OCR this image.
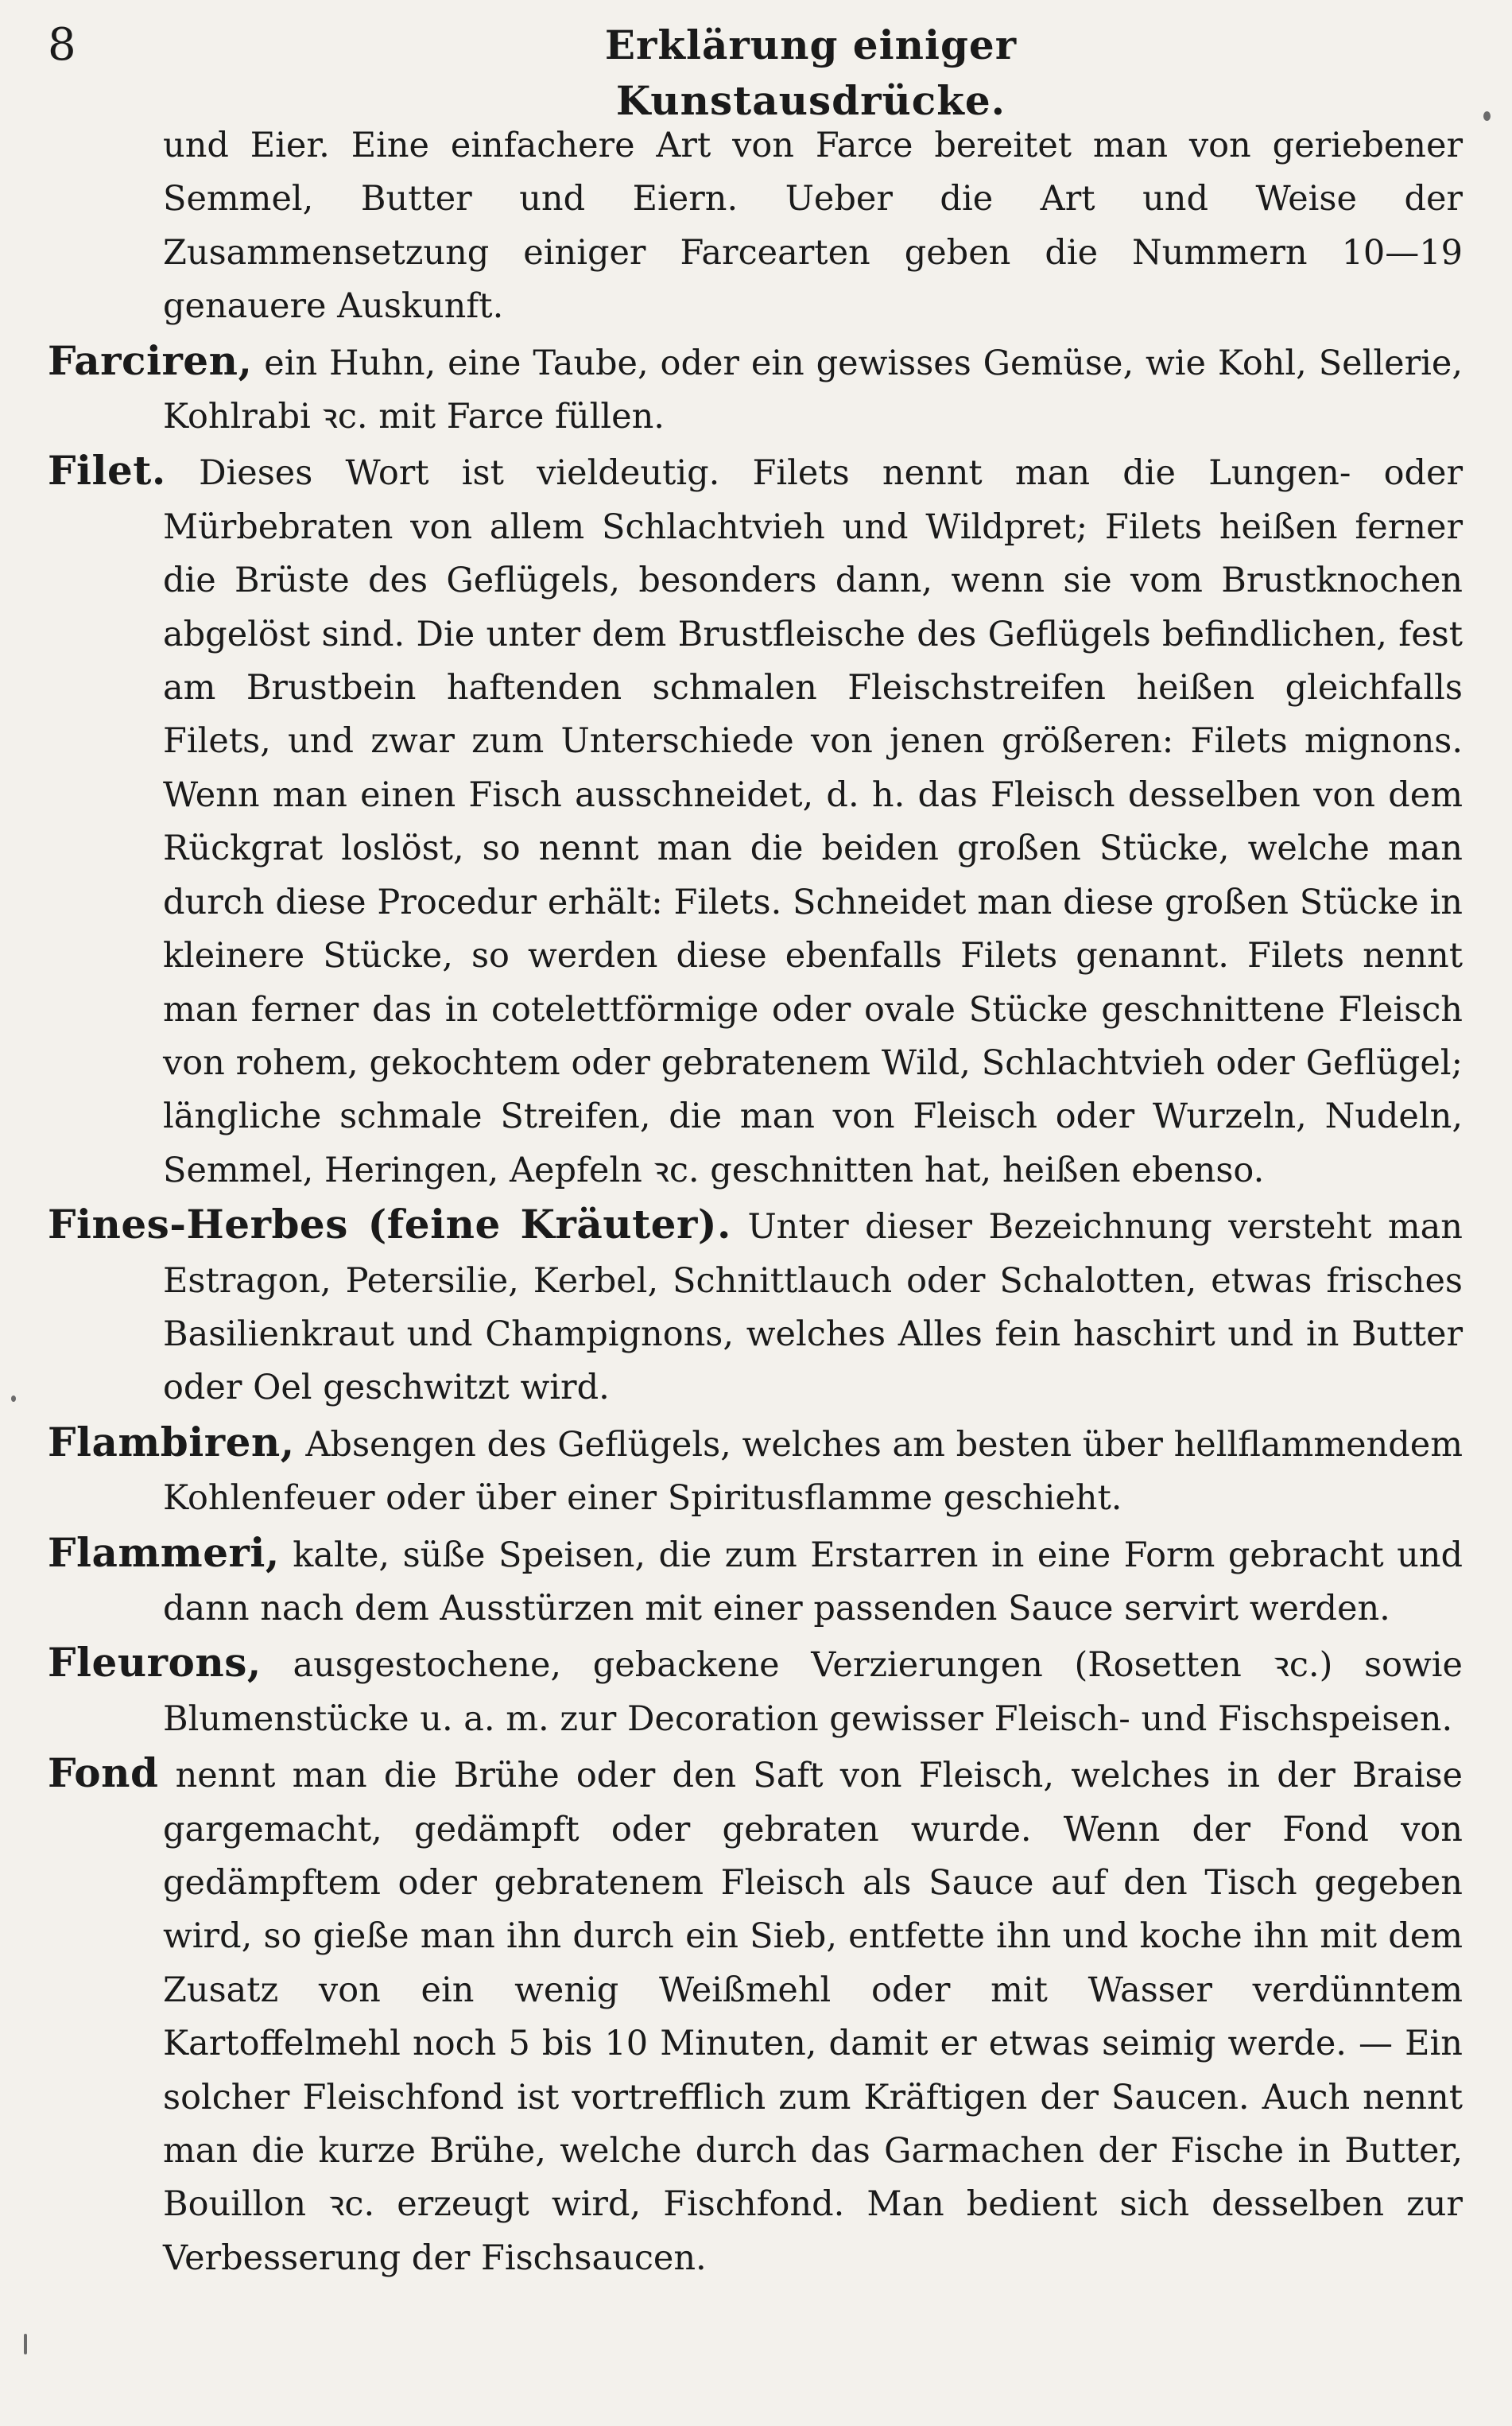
8	Erklärung einiger Kunstausdrücke.

und Eier. Eine einfachere Art von Farce bereitet man von geriebener Semmel, Butter und Eiern. Ueber die Art und Weise der Zusammensetzung einiger Farcearten geben die Nummern 10—19 genauere Auskunft.

Farciren, ein Huhn, eine Taube, oder ein gewisses Gemüse, wie Kohl, Sellerie, Kohlrabi ꝛc. mit Farce füllen.

Filet. Dieses Wort ist vieldeutig. Filets nennt man die Lungen- oder Mürbebraten von allem Schlachtvieh und Wildpret; Filets heißen ferner die Brüste des Geflügels, besonders dann, wenn sie vom Brustknochen abgelöst sind. Die unter dem Brustfleische des Geflügels befindlichen, fest am Brustbein haftenden schmalen Fleischstreifen heißen gleichfalls Filets, und zwar zum Unterschiede von jenen größeren: Filets mignons. Wenn man einen Fisch ausschneidet, d. h. das Fleisch desselben von dem Rückgrat loslöst, so nennt man die beiden großen Stücke, welche man durch diese Procedur erhält: Filets. Schneidet man diese großen Stücke in kleinere Stücke, so werden diese ebenfalls Filets genannt. Filets nennt man ferner das in cotelettförmige oder ovale Stücke geschnittene Fleisch von rohem, gekochtem oder gebratenem Wild, Schlachtvieh oder Geflügel; längliche schmale Streifen, die man von Fleisch oder Wurzeln, Nudeln, Semmel, Heringen, Aepfeln ꝛc. geschnitten hat, heißen ebenso.

Fines-Herbes (feine Kräuter). Unter dieser Bezeichnung versteht man Estragon, Petersilie, Kerbel, Schnittlauch oder Schalotten, etwas frisches Basilienkraut und Champignons, welches Alles fein haschirt und in Butter oder Oel geschwitzt wird.

Flambiren, Absengen des Geflügels, welches am besten über hellflammendem Kohlenfeuer oder über einer Spiritusflamme geschieht.

Flammeri, kalte, süße Speisen, die zum Erstarren in eine Form gebracht und dann nach dem Ausstürzen mit einer passenden Sauce servirt werden.

Fleurons, ausgestochene, gebackene Verzierungen (Rosetten ꝛc.) sowie Blumenstücke u. a. m. zur Decoration gewisser Fleisch- und Fischspeisen.

Fond nennt man die Brühe oder den Saft von Fleisch, welches in der Braise gargemacht, gedämpft oder gebraten wurde. Wenn der Fond von gedämpftem oder gebratenem Fleisch als Sauce auf den Tisch gegeben wird, so gieße man ihn durch ein Sieb, entfette ihn und koche ihn mit dem Zusatz von ein wenig Weißmehl oder mit Wasser verdünntem Kartoffelmehl noch 5 bis 10 Minuten, damit er etwas seimig werde. — Ein solcher Fleischfond ist vortrefflich zum Kräftigen der Saucen. Auch nennt man die kurze Brühe, welche durch das Garmachen der Fische in Butter, Bouillon ꝛc. erzeugt wird, Fischfond. Man bedient sich desselben zur Verbesserung der Fischsaucen.
